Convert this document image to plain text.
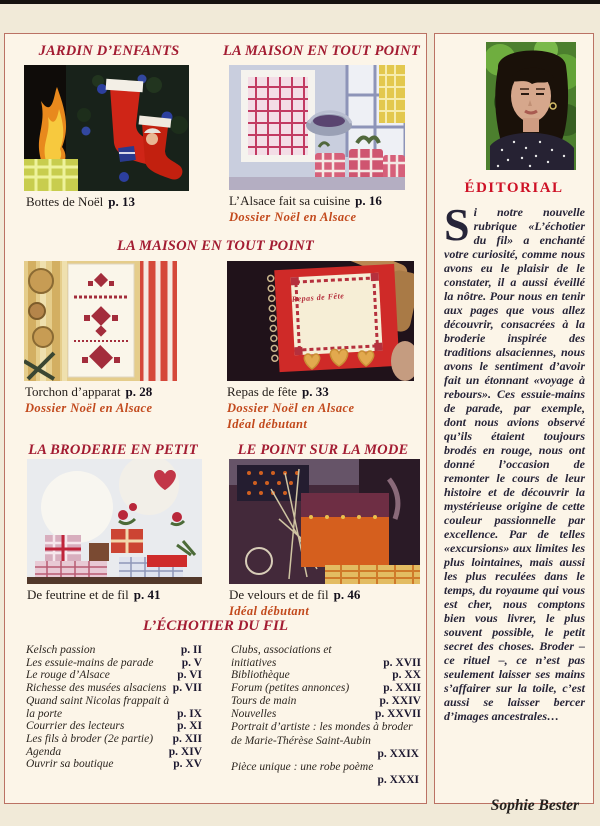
JARDIN D’ENFANTS	LA MAISON EN TOUT POINT
Bottes de Noël p. 13	L’Alsace fait sa cuisine p. 16
Dossier Noël en Alsace
LA MAISON EN TOUT POINT
Repas de Fête
Torchon d’apparat p. 28
Dossier Noël en Alsace
Repas de fête p. 33
Dossier Noël en Alsace
Idéal débutant
LA BRODERIE EN PETIT	LE POINT SUR LA MODE
De feutrine et de fil p. 41	De velours et de fil p. 46
Idéal débutant
L’ÉCHOTIER DU FIL
Kelsch passion	p. II
Les essuie-mains de parade p. V
Le rouge d’Alsace	p. VI
Richesse des musées alsaciens p. VII
Quand saint Nicolas frappait à la porte	p. IX
Courrier des lecteurs	p. XI
Les fils à broder (2e partie) p. XII
Agenda	p. XIV
Ouvrir sa boutique	p. XV
Clubs, associations et initiatives	p. XVII
Bibliothèque	p. XX
Forum (petites annonces)	p. XXII
Tours de main	p. XXIV
Nouvelles	p. XXVII
Portrait d’artiste : les mondes à broder de Marie-Thérèse Saint-Aubin
p. XXIX
Pièce unique : une robe poème
p. XXXI
ÉDITORIAL
Si notre nouvelle rubrique «L’échotier du fil» a enchanté votre curiosité, comme nous avons eu le plaisir de le constater, il a aussi éveillé la nôtre. Pour nous en tenir aux pages que vous allez découvrir, consacrées à la broderie inspirée des traditions alsaciennes, nous avons le sentiment d’avoir fait un étonnant «voyage à rebours». Ces essuie-mains de parade, par exemple, dont nous avions observé qu’ils étaient toujours brodés en rouge, nous ont donné l’occasion de remonter le cours de leur histoire et de découvrir la mystérieuse origine de cette couleur passionnelle par excellence. Par de telles «excursions» aux limites les plus lointaines, mais aussi les plus reculées dans le temps, du royaume qui vous est cher, nous comptons bien vous livrer, le plus souvent possible, le petit secret des choses. Broder – ce rituel –, ce n’est pas seulement laisser ses mains s’affairer sur la toile, c’est aussi se laisser bercer d’images ancestrales…
Sophie Bester
